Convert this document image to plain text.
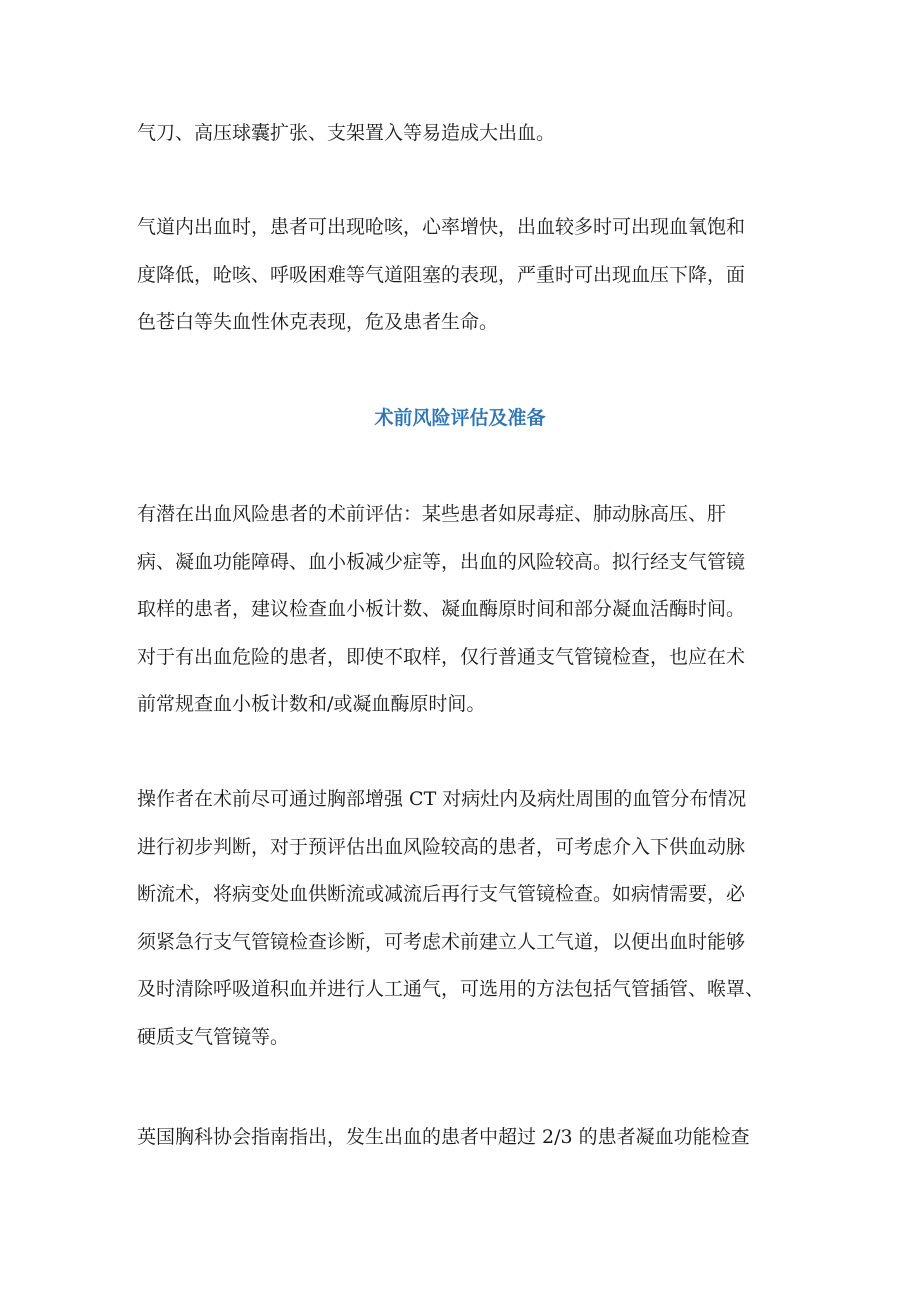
气刀、高压球囊扩张、支架置入等易造成大出血。

气道内出血时，患者可出现呛咳，心率增快，出血较多时可出现血氧饱和
度降低，呛咳、呼吸困难等气道阻塞的表现，严重时可出现血压下降，面
色苍白等失血性休克表现，危及患者生命。

术前风险评估及准备

有潜在出血风险患者的术前评估：某些患者如尿毒症、肺动脉高压、肝
病、凝血功能障碍、血小板减少症等，出血的风险较高。拟行经支气管镜
取样的患者，建议检查血小板计数、凝血酶原时间和部分凝血活酶时间。
对于有出血危险的患者，即使不取样，仅行普通支气管镜检查，也应在术
前常规查血小板计数和/或凝血酶原时间。

操作者在术前尽可通过胸部增强 CT 对病灶内及病灶周围的血管分布情况
进行初步判断，对于预评估出血风险较高的患者，可考虑介入下供血动脉
断流术，将病变处血供断流或减流后再行支气管镜检查。如病情需要，必
须紧急行支气管镜检查诊断，可考虑术前建立人工气道，以便出血时能够
及时清除呼吸道积血并进行人工通气，可选用的方法包括气管插管、喉罩、
硬质支气管镜等。

英国胸科协会指南指出，发生出血的患者中超过 2/3 的患者凝血功能检查
